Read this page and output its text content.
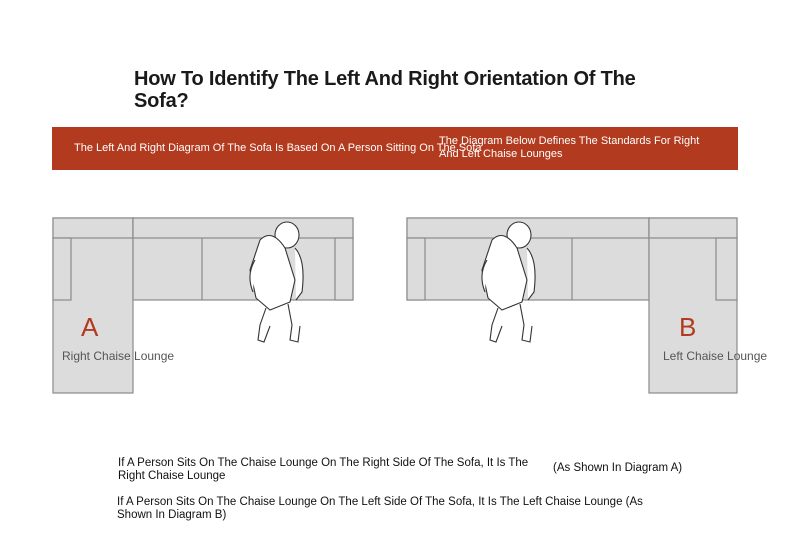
How To Identify The Left And Right Orientation Of The Sofa?
The Left And Right Diagram Of The Sofa Is Based On A Person Sitting On The Sofa
The Diagram Below Defines The Standards For Right And Left Chaise Lounges
A
Right Chaise Lounge
B
Left Chaise Lounge
If A Person Sits On The Chaise Lounge On The Right Side Of The Sofa, It Is The Right Chaise Lounge
(As Shown In Diagram A)
If A Person Sits On The Chaise Lounge On The Left Side Of The Sofa, It Is The Left Chaise Lounge (As Shown In Diagram B)
